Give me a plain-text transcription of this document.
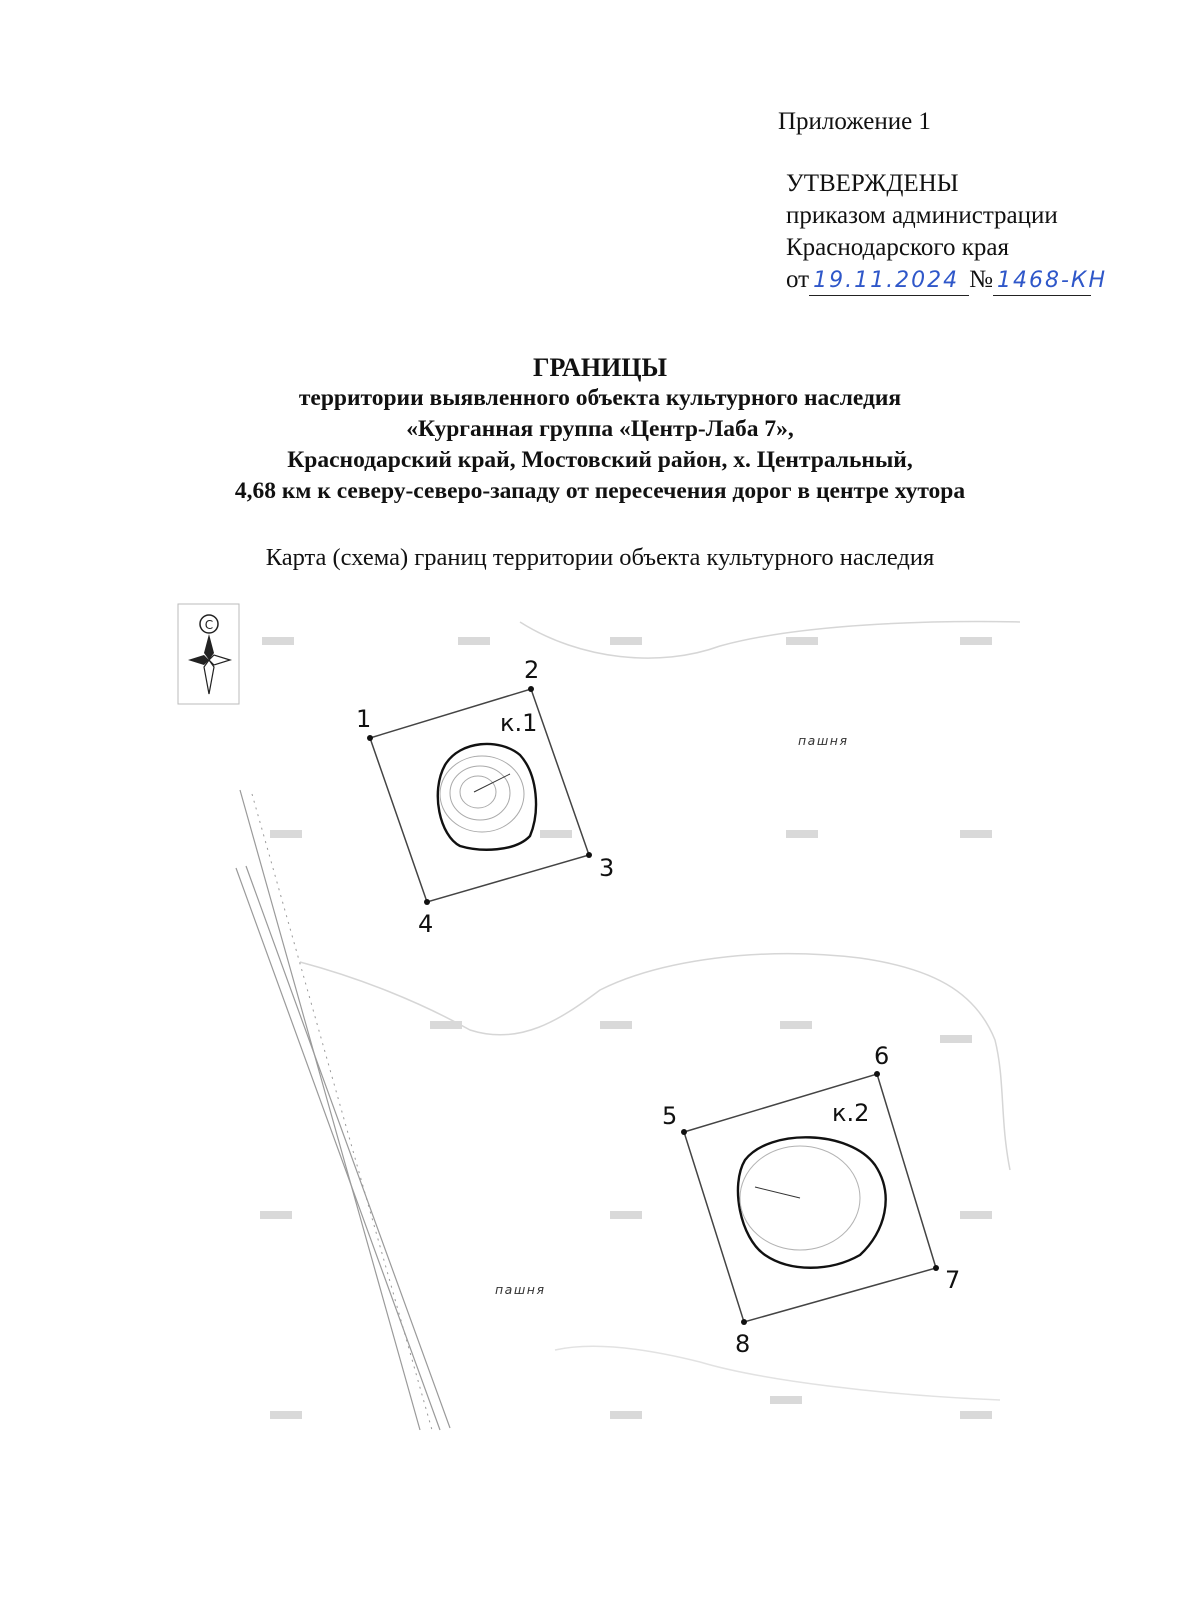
Приложение 1
УТВЕРЖДЕНЫ
приказом администрации
Краснодарского края
от 19.11.2024 № 1468-КН
ГРАНИЦЫ
территории выявленного объекта культурного наследия
«Курганная группа «Центр-Лаба 7»,
Краснодарский край, Мостовский район, х. Центральный,
4,68 км к северу-северо-западу от пересечения дорог в центре хутора
Карта (схема) границ территории объекта культурного наследия
С
к.1
к.2
1
2
3
4
5
6
7
8
пашня
пашня
